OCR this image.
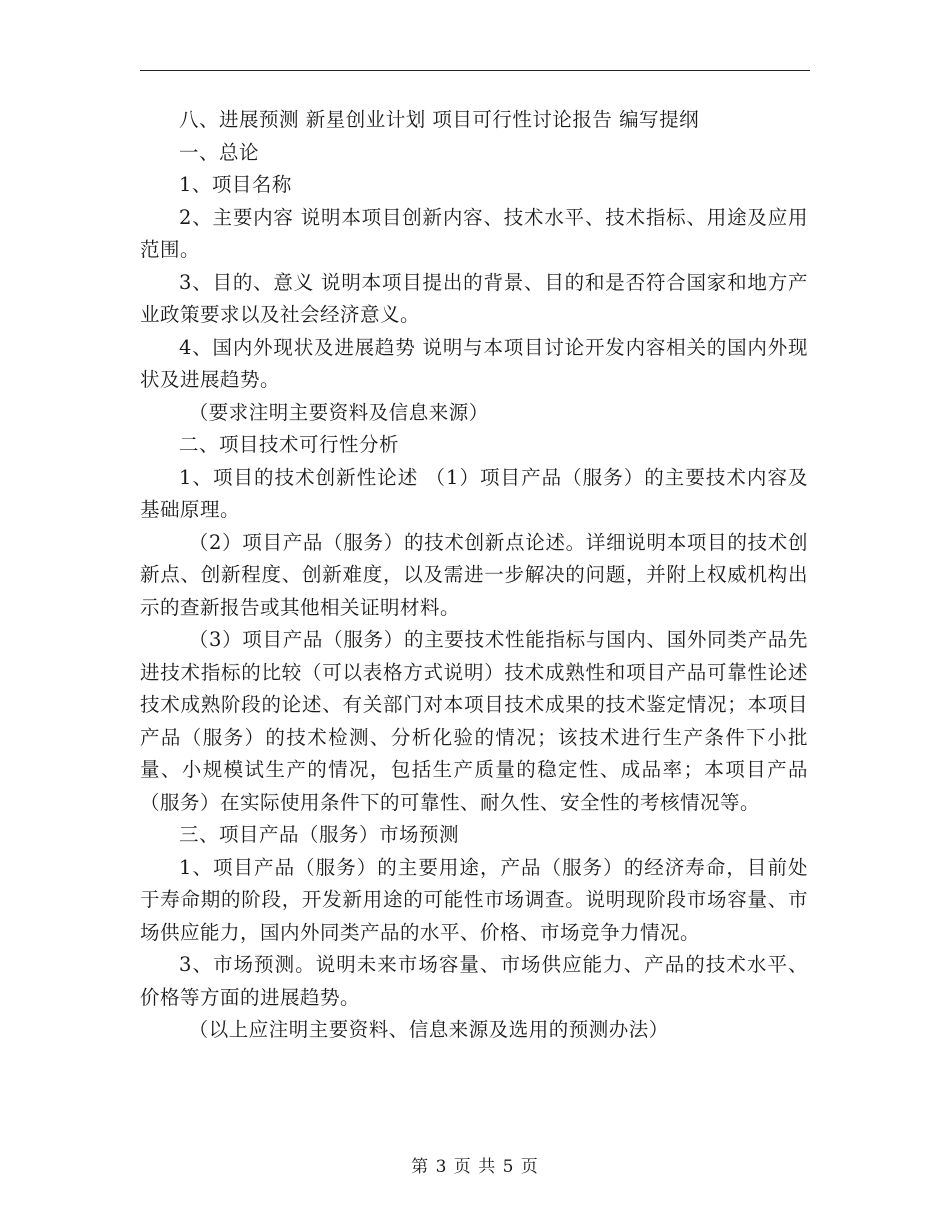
八、进展预测 新星创业计划 项目可行性讨论报告 编写提纲

一、总论

1、项目名称

2、主要内容 说明本项目创新内容、技术水平、技术指标、用途及应用范围。

3、目的、意义 说明本项目提出的背景、目的和是否符合国家和地方产业政策要求以及社会经济意义。

4、国内外现状及进展趋势 说明与本项目讨论开发内容相关的国内外现状及进展趋势。

（要求注明主要资料及信息来源）

二、项目技术可行性分析

1、项目的技术创新性论述 （1）项目产品（服务）的主要技术内容及基础原理。

（2）项目产品（服务）的技术创新点论述。详细说明本项目的技术创新点、创新程度、创新难度，以及需进一步解决的问题，并附上权威机构出示的查新报告或其他相关证明材料。

（3）项目产品（服务）的主要技术性能指标与国内、国外同类产品先进技术指标的比较（可以表格方式说明）技术成熟性和项目产品可靠性论述 技术成熟阶段的论述、有关部门对本项目技术成果的技术鉴定情况；本项目产品（服务）的技术检测、分析化验的情况；该技术进行生产条件下小批量、小规模试生产的情况，包括生产质量的稳定性、成品率；本项目产品（服务）在实际使用条件下的可靠性、耐久性、安全性的考核情况等。

三、项目产品（服务）市场预测

1、项目产品（服务）的主要用途，产品（服务）的经济寿命，目前处于寿命期的阶段，开发新用途的可能性市场调查。说明现阶段市场容量、市场供应能力，国内外同类产品的水平、价格、市场竞争力情况。

3、市场预测。说明未来市场容量、市场供应能力、产品的技术水平、价格等方面的进展趋势。

（以上应注明主要资料、信息来源及选用的预测办法）

第 3 页 共 5 页
